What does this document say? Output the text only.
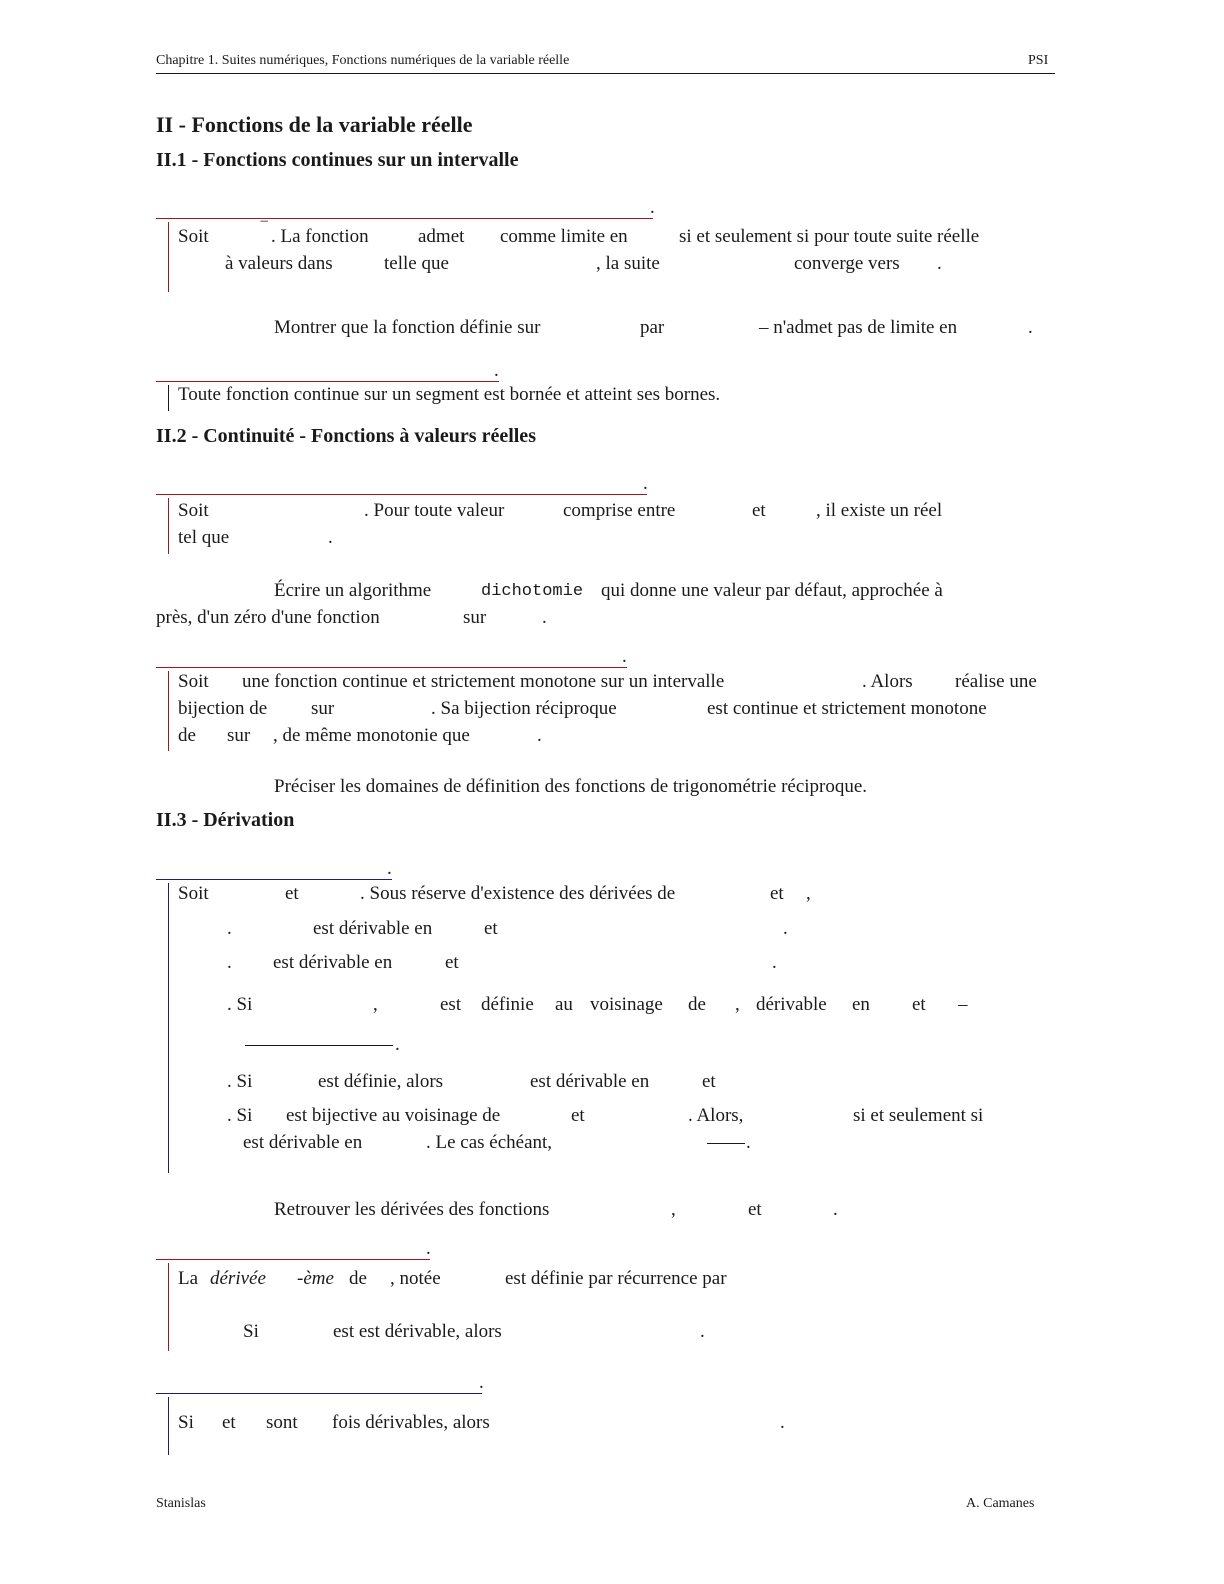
Chapitre 1. Suites numériques, Fonctions numériques de la variable réelle	PSI
II - Fonctions de la variable réelle
II.1 - Fonctions continues sur un intervalle
.
Soit	‾ . La fonction	admet comme limite en	si et seulement si pour toute suite réelle
à valeurs dans	telle que	, la suite	converge vers .
Montrer que la fonction définie sur	par	– n'admet pas de limite en	.
.
Toute fonction continue sur un segment est bornée et atteint ses bornes.
II.2 - Continuité - Fonctions à valeurs réelles
.
Soit	. Pour toute valeur	comprise entre	et	, il existe un réel
tel que	.
Écrire un algorithme	dichotomie qui donne une valeur par défaut, approchée à
près, d'un zéro d'une fonction	sur	.
.
Soit une fonction continue et strictement monotone sur un intervalle	. Alors réalise une
bijection de sur	. Sa bijection réciproque	est continue et strictement monotone
de sur , de même monotonie que	.
Préciser les domaines de définition des fonctions de trigonométrie réciproque.
II.3 - Dérivation
.
Soit	et	. Sous réserve d'existence des dérivées de	et ,
.	est dérivable en	et	.
. est dérivable en	et	.
. Si	,	est définie au voisinage de , dérivable en et –
.
. Si	est définie, alors	est dérivable en	et
. Si est bijective au voisinage de	et	. Alors,	si et seulement si
est dérivable en	. Le cas échéant,	.
Retrouver les dérivées des fonctions	,	et	.
.
La dérivée -ème de , notée	est définie par récurrence par
Si	est est dérivable, alors	.
.
Si et sont fois dérivables, alors	.
Stanislas	A. Camanes
